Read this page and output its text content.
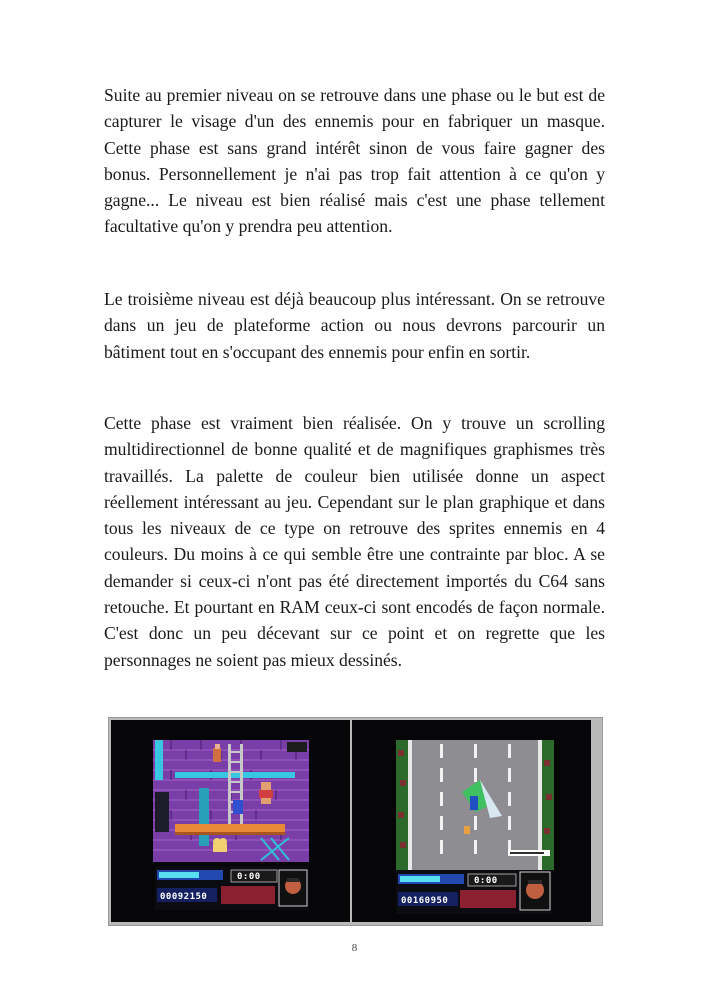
Suite au premier niveau on se retrouve dans une phase ou le but est de capturer le visage d'un des ennemis pour en fabriquer un masque. Cette phase est sans grand intérêt sinon de vous faire gagner des bonus. Personnellement je n'ai pas trop fait attention à ce qu'on y gagne... Le niveau est bien réalisé mais c'est une phase tellement facultative qu'on y prendra peu attention.

Le troisième niveau est déjà beaucoup plus intéressant. On se retrouve dans un jeu de plateforme action ou nous devrons parcourir un bâtiment tout en s'occupant des ennemis pour enfin en sortir.

Cette phase est vraiment bien réalisée. On y trouve un scrolling multidirectionnel de bonne qualité et de magnifiques graphismes très travaillés. La palette de couleur bien utilisée donne un aspect réellement intéressant au jeu. Cependant sur le plan graphique et dans tous les niveaux de ce type on retrouve des sprites ennemis en 4 couleurs. Du moins à ce qui semble être une contrainte par bloc. A se demander si ceux-ci n'ont pas été directement importés du C64 sans retouche. Et pourtant en RAM ceux-ci sont encodés de façon normale. C'est donc un peu décevant sur ce point et on regrette que les personnages ne soient pas mieux dessinés.

00092150
0:00
00160950
0:00
8
